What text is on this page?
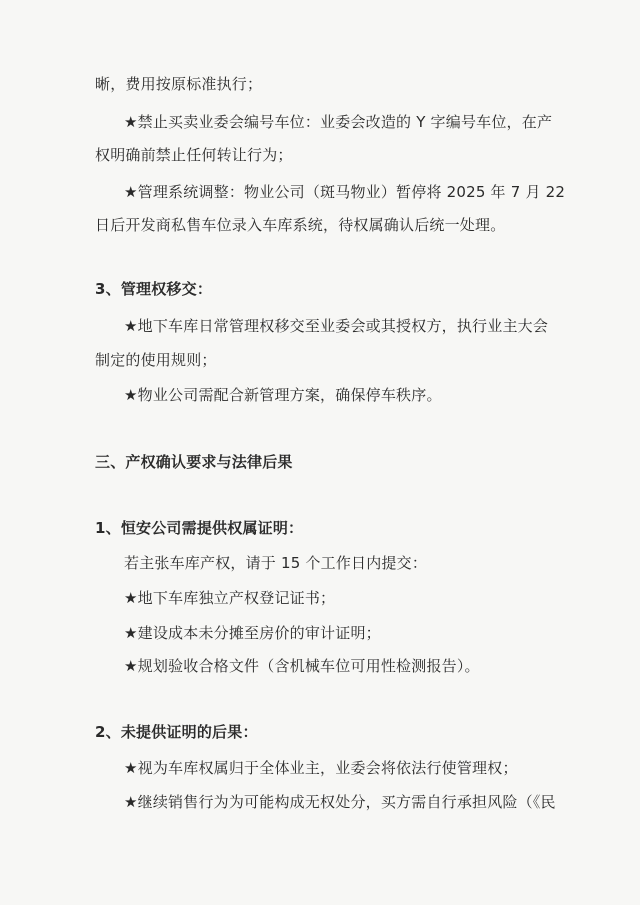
晰，费用按原标准执行；
★禁止买卖业委会编号车位：业委会改造的 Y 字编号车位，在产
权明确前禁止任何转让行为；
★管理系统调整：物业公司（斑马物业）暂停将 2025 年 7 月 22
日后开发商私售车位录入车库系统，待权属确认后统一处理。
3、管理权移交：
★地下车库日常管理权移交至业委会或其授权方，执行业主大会
制定的使用规则；
★物业公司需配合新管理方案，确保停车秩序。
三、产权确认要求与法律后果
1、恒安公司需提供权属证明：
若主张车库产权，请于 15 个工作日内提交：
★地下车库独立产权登记证书；
★建设成本未分摊至房价的审计证明；
★规划验收合格文件（含机械车位可用性检测报告）。
2、未提供证明的后果：
★视为车库权属归于全体业主，业委会将依法行使管理权；
★继续销售行为为可能构成无权处分，买方需自行承担风险（《民
